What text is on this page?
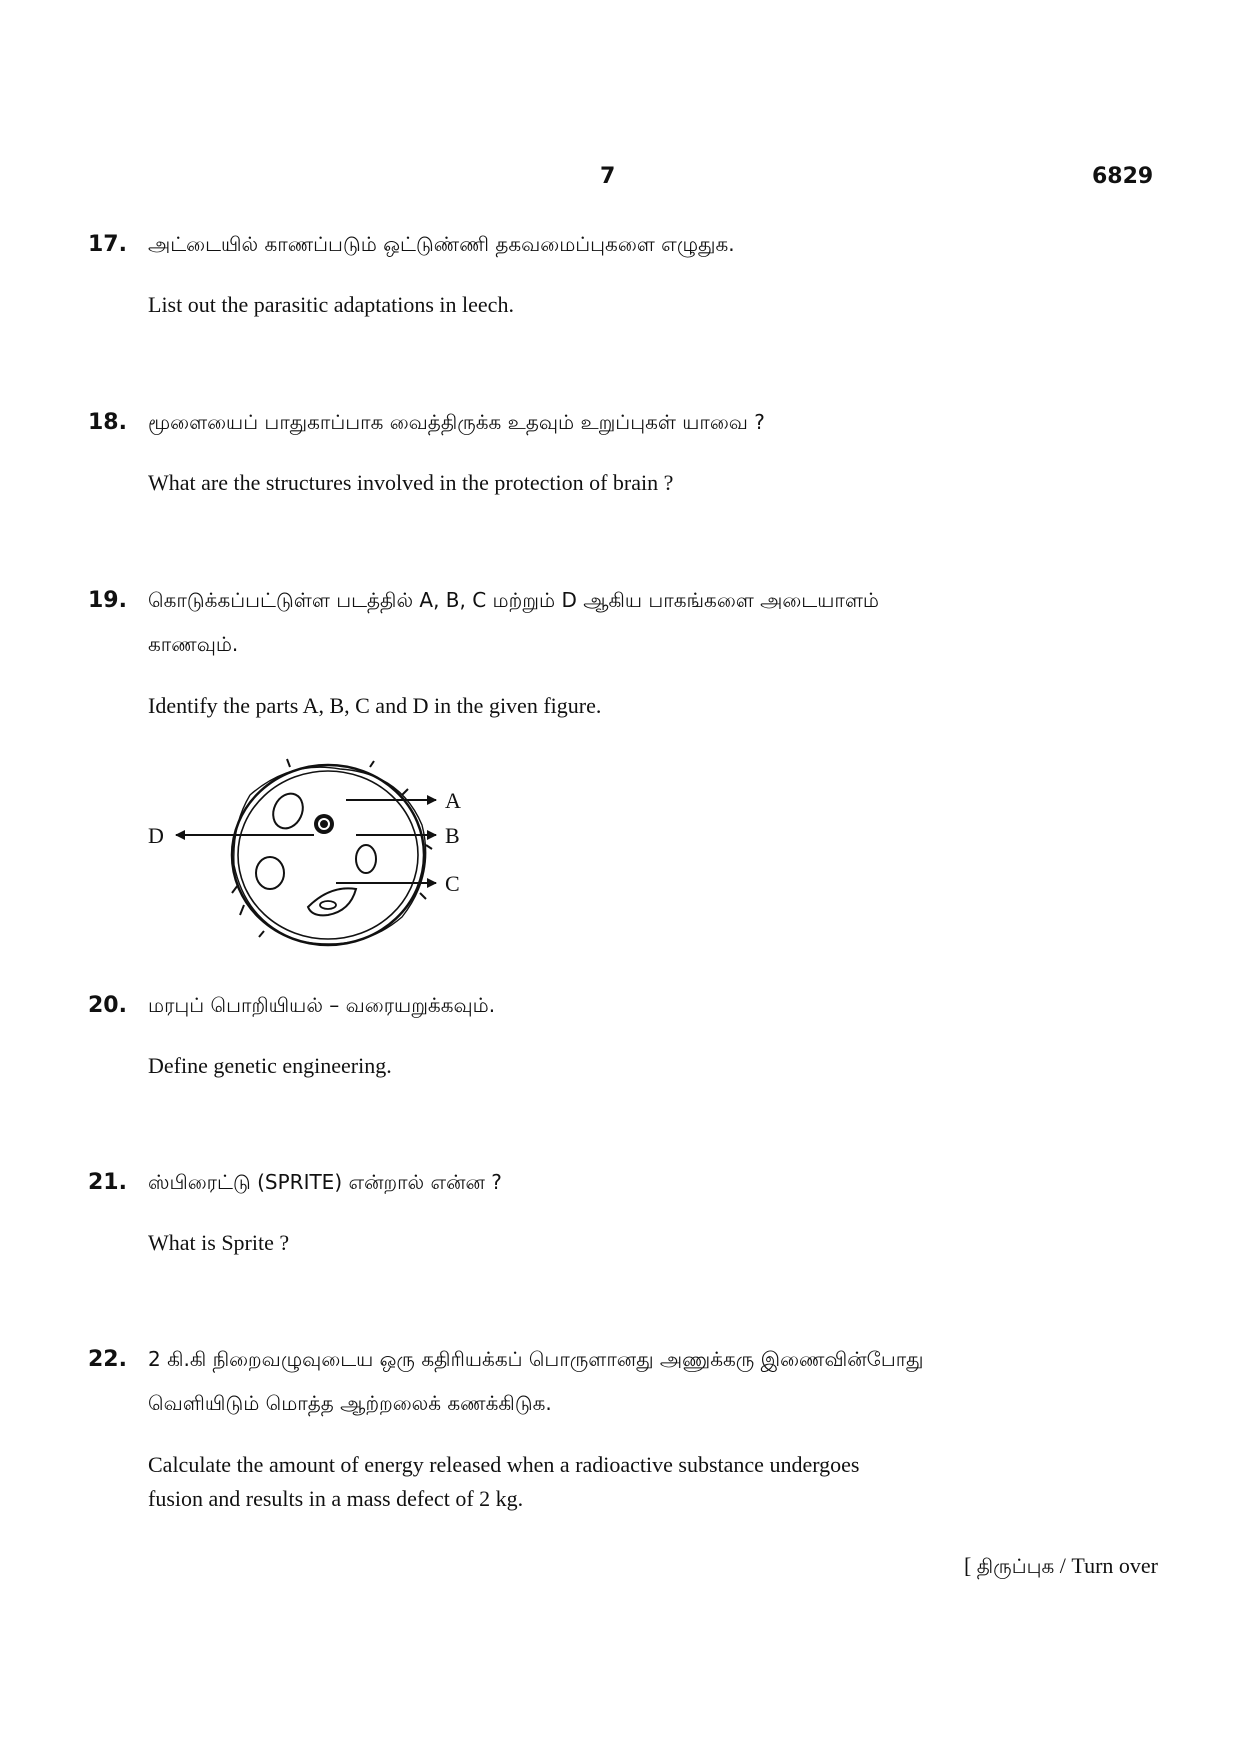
7	6829
17. அட்டையில் காணப்படும் ஒட்டுண்ணி தகவமைப்புகளை எழுதுக.
List out the parasitic adaptations in leech.
18. மூளையைப் பாதுகாப்பாக வைத்திருக்க உதவும் உறுப்புகள் யாவை ?
What are the structures involved in the protection of brain ?
19. கொடுக்கப்பட்டுள்ள படத்தில் A, B, C மற்றும் D ஆகிய பாகங்களை அடையாளம்
காணவும்.
Identify the parts A, B, C and D in the given figure.
A
B
C
D
20. மரபுப் பொறியியல் – வரையறுக்கவும்.
Define genetic engineering.
21. ஸ்பிரைட்டு (SPRITE) என்றால் என்ன ?
What is Sprite ?
22. 2 கி.கி நிறைவழுவுடைய ஒரு கதிரியக்கப் பொருளானது அணுக்கரு இணைவின்போது
வெளியிடும் மொத்த ஆற்றலைக் கணக்கிடுக.
Calculate the amount of energy released when a radioactive substance undergoes
fusion and results in a mass defect of 2 kg.
[ திருப்புக / Turn over
